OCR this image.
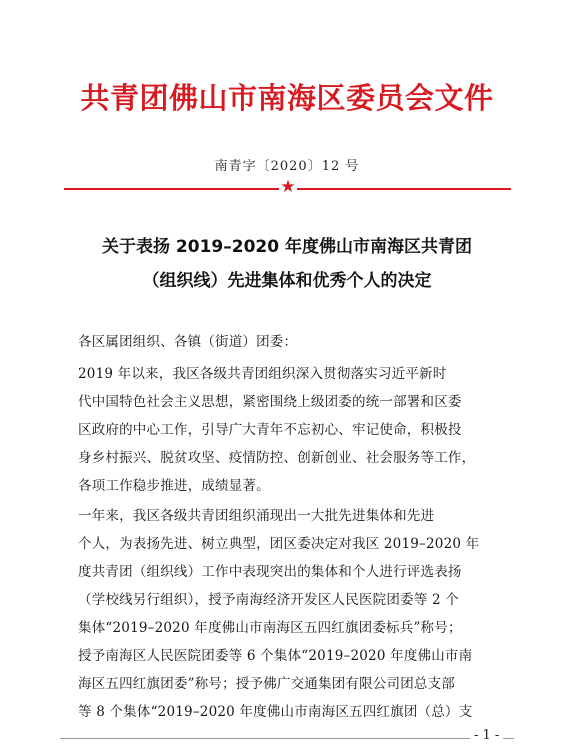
共青团佛山市南海区委员会文件
南青字〔2020〕12 号
★
关于表扬 2019–2020 年度佛山市南海区共青团
（组织线）先进集体和优秀个人的决定
各区属团组织、各镇（街道）团委：
2019 年以来，我区各级共青团组织深入贯彻落实习近平新时
代中国特色社会主义思想，紧密围绕上级团委的统一部署和区委
区政府的中心工作，引导广大青年不忘初心、牢记使命，积极投
身乡村振兴、脱贫攻坚、疫情防控、创新创业、社会服务等工作，
各项工作稳步推进，成绩显著。
一年来，我区各级共青团组织涌现出一大批先进集体和先进
个人，为表扬先进、树立典型，团区委决定对我区 2019–2020 年
度共青团（组织线）工作中表现突出的集体和个人进行评选表扬
（学校线另行组织），授予南海经济开发区人民医院团委等 2 个
集体“2019–2020 年度佛山市南海区五四红旗团委标兵”称号；
授予南海区人民医院团委等 6 个集体“2019–2020 年度佛山市南
海区五四红旗团委”称号；授予佛广交通集团有限公司团总支部
等 8 个集体“2019–2020 年度佛山市南海区五四红旗团（总）支
- 1 -
